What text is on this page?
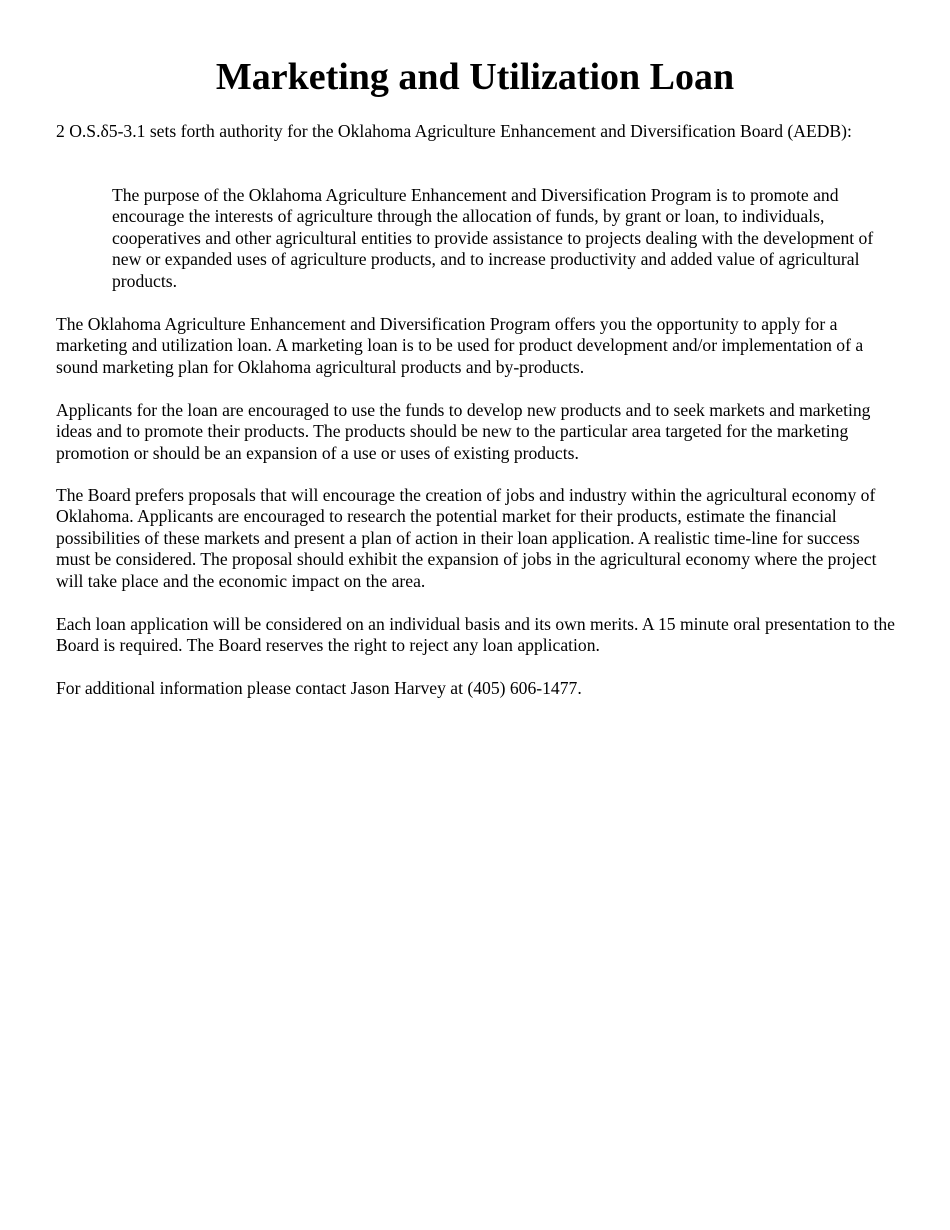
Marketing and Utilization Loan

2 O.S.δ5-3.1 sets forth authority for the Oklahoma Agriculture Enhancement and Diversification Board (AEDB):

The purpose of the Oklahoma Agriculture Enhancement and Diversification Program is to promote and encourage the interests of agriculture through the allocation of funds, by grant or loan, to individuals, cooperatives and other agricultural entities to provide assistance to projects dealing with the development of new or expanded uses of agriculture products, and to increase productivity and added value of agricultural products.

The Oklahoma Agriculture Enhancement and Diversification Program offers you the opportunity to apply for a marketing and utilization loan. A marketing loan is to be used for product development and/or implementation of a sound marketing plan for Oklahoma agricultural products and by-products.

Applicants for the loan are encouraged to use the funds to develop new products and to seek markets and marketing ideas and to promote their products. The products should be new to the particular area targeted for the marketing promotion or should be an expansion of a use or uses of existing products.

The Board prefers proposals that will encourage the creation of jobs and industry within the agricultural economy of Oklahoma. Applicants are encouraged to research the potential market for their products, estimate the financial possibilities of these markets and present a plan of action in their loan application. A realistic time-line for success must be considered. The proposal should exhibit the expansion of jobs in the agricultural economy where the project will take place and the economic impact on the area.

Each loan application will be considered on an individual basis and its own merits. A 15 minute oral presentation to the Board is required. The Board reserves the right to reject any loan application.

For additional information please contact Jason Harvey at (405) 606-1477.
